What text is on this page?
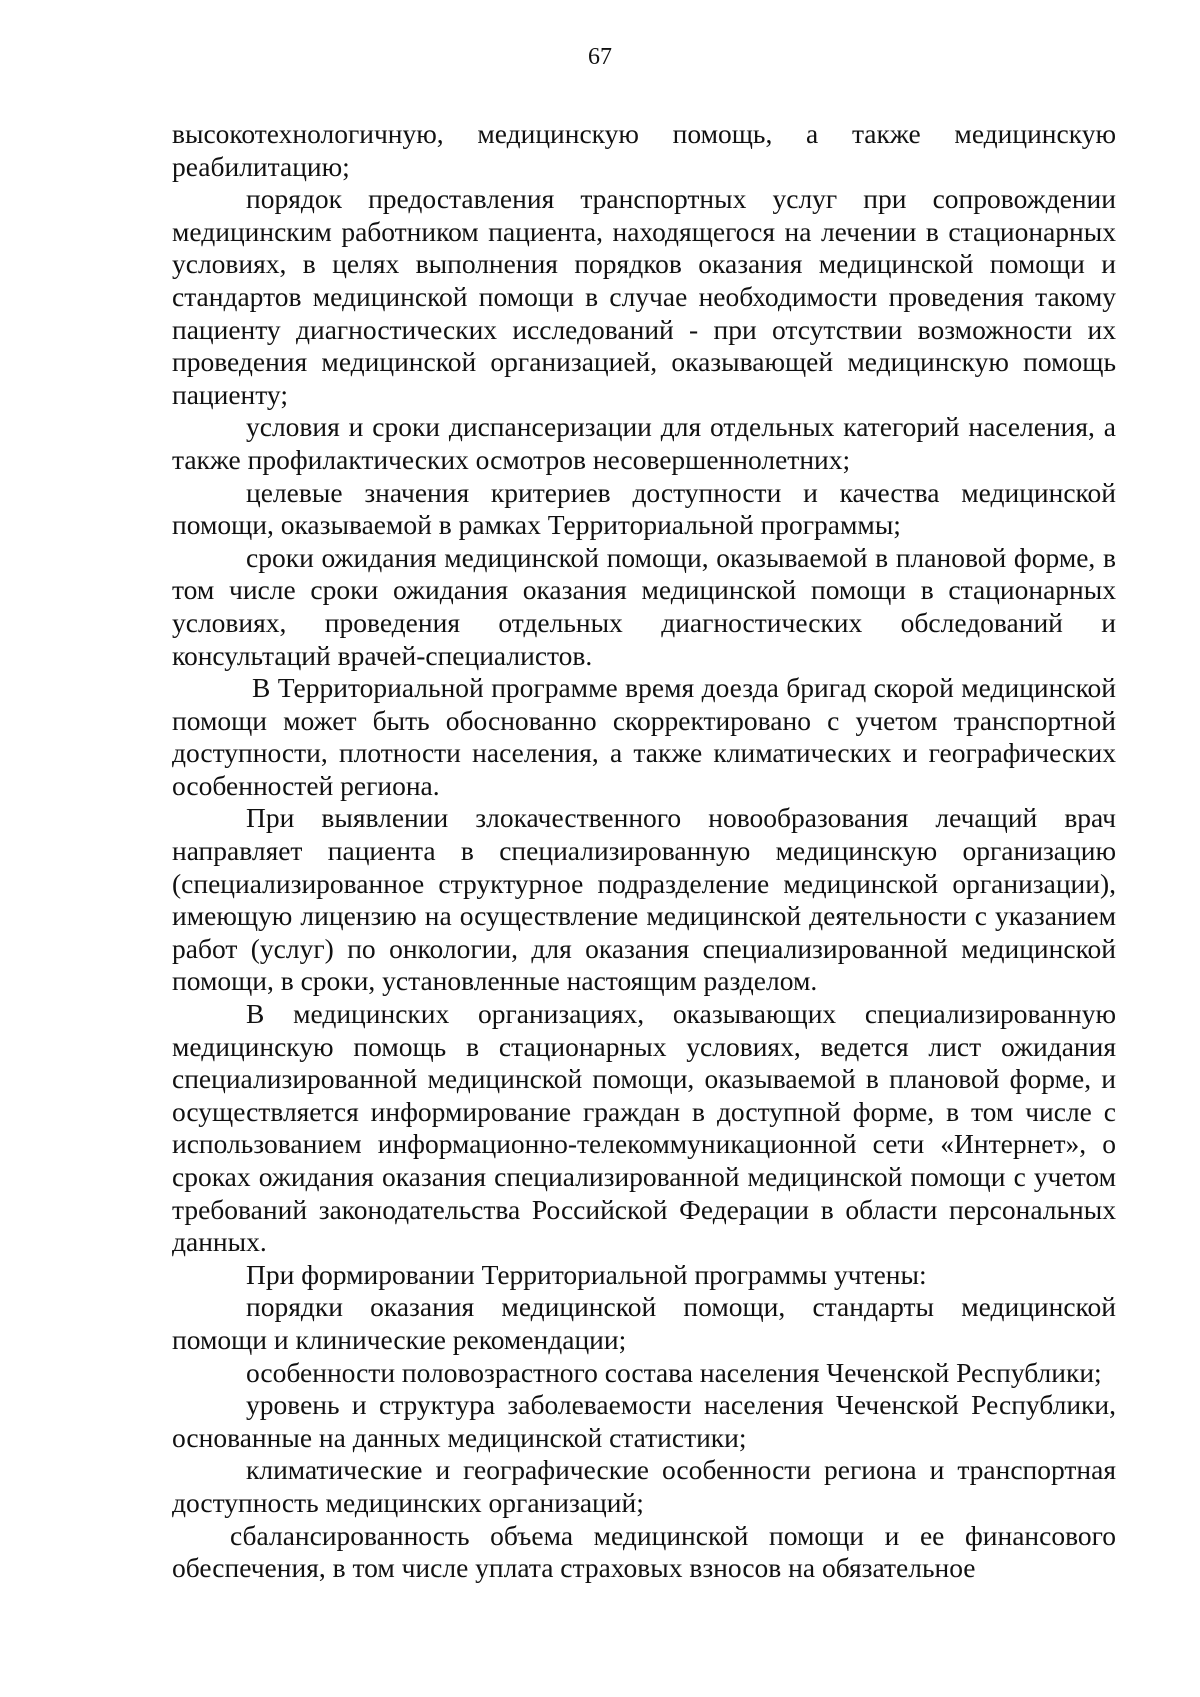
67

высокотехнологичную, медицинскую помощь, а также медицинскую реабилитацию;

порядок предоставления транспортных услуг при сопровождении медицинским работником пациента, находящегося на лечении в стационарных условиях, в целях выполнения порядков оказания медицинской помощи и стандартов медицинской помощи в случае необходимости проведения такому пациенту диагностических исследований - при отсутствии возможности их проведения медицинской организацией, оказывающей медицинскую помощь пациенту;

условия и сроки диспансеризации для отдельных категорий населения, а также профилактических осмотров несовершеннолетних;

целевые значения критериев доступности и качества медицинской помощи, оказываемой в рамках Территориальной программы;

сроки ожидания медицинской помощи, оказываемой в плановой форме, в том числе сроки ожидания оказания медицинской помощи в стационарных условиях, проведения отдельных диагностических обследований и консультаций врачей-специалистов.

В Территориальной программе время доезда бригад скорой медицинской помощи может быть обоснованно скорректировано с учетом транспортной доступности, плотности населения, а также климатических и географических особенностей региона.

При выявлении злокачественного новообразования лечащий врач направляет пациента в специализированную медицинскую организацию (специализированное структурное подразделение медицинской организации), имеющую лицензию на осуществление медицинской деятельности с указанием работ (услуг) по онкологии, для оказания специализированной медицинской помощи, в сроки, установленные настоящим разделом.

В медицинских организациях, оказывающих специализированную медицинскую помощь в стационарных условиях, ведется лист ожидания специализированной медицинской помощи, оказываемой в плановой форме, и осуществляется информирование граждан в доступной форме, в том числе с использованием информационно-телекоммуникационной сети «Интернет», о сроках ожидания оказания специализированной медицинской помощи с учетом требований законодательства Российской Федерации в области персональных данных.

При формировании Территориальной программы учтены:

порядки оказания медицинской помощи, стандарты медицинской помощи и клинические рекомендации;

особенности половозрастного состава населения Чеченской Республики;

уровень и структура заболеваемости населения Чеченской Республики, основанные на данных медицинской статистики;

климатические и географические особенности региона и транспортная доступность медицинских организаций;

сбалансированность объема медицинской помощи и ее финансового обеспечения, в том числе уплата страховых взносов на обязательное
